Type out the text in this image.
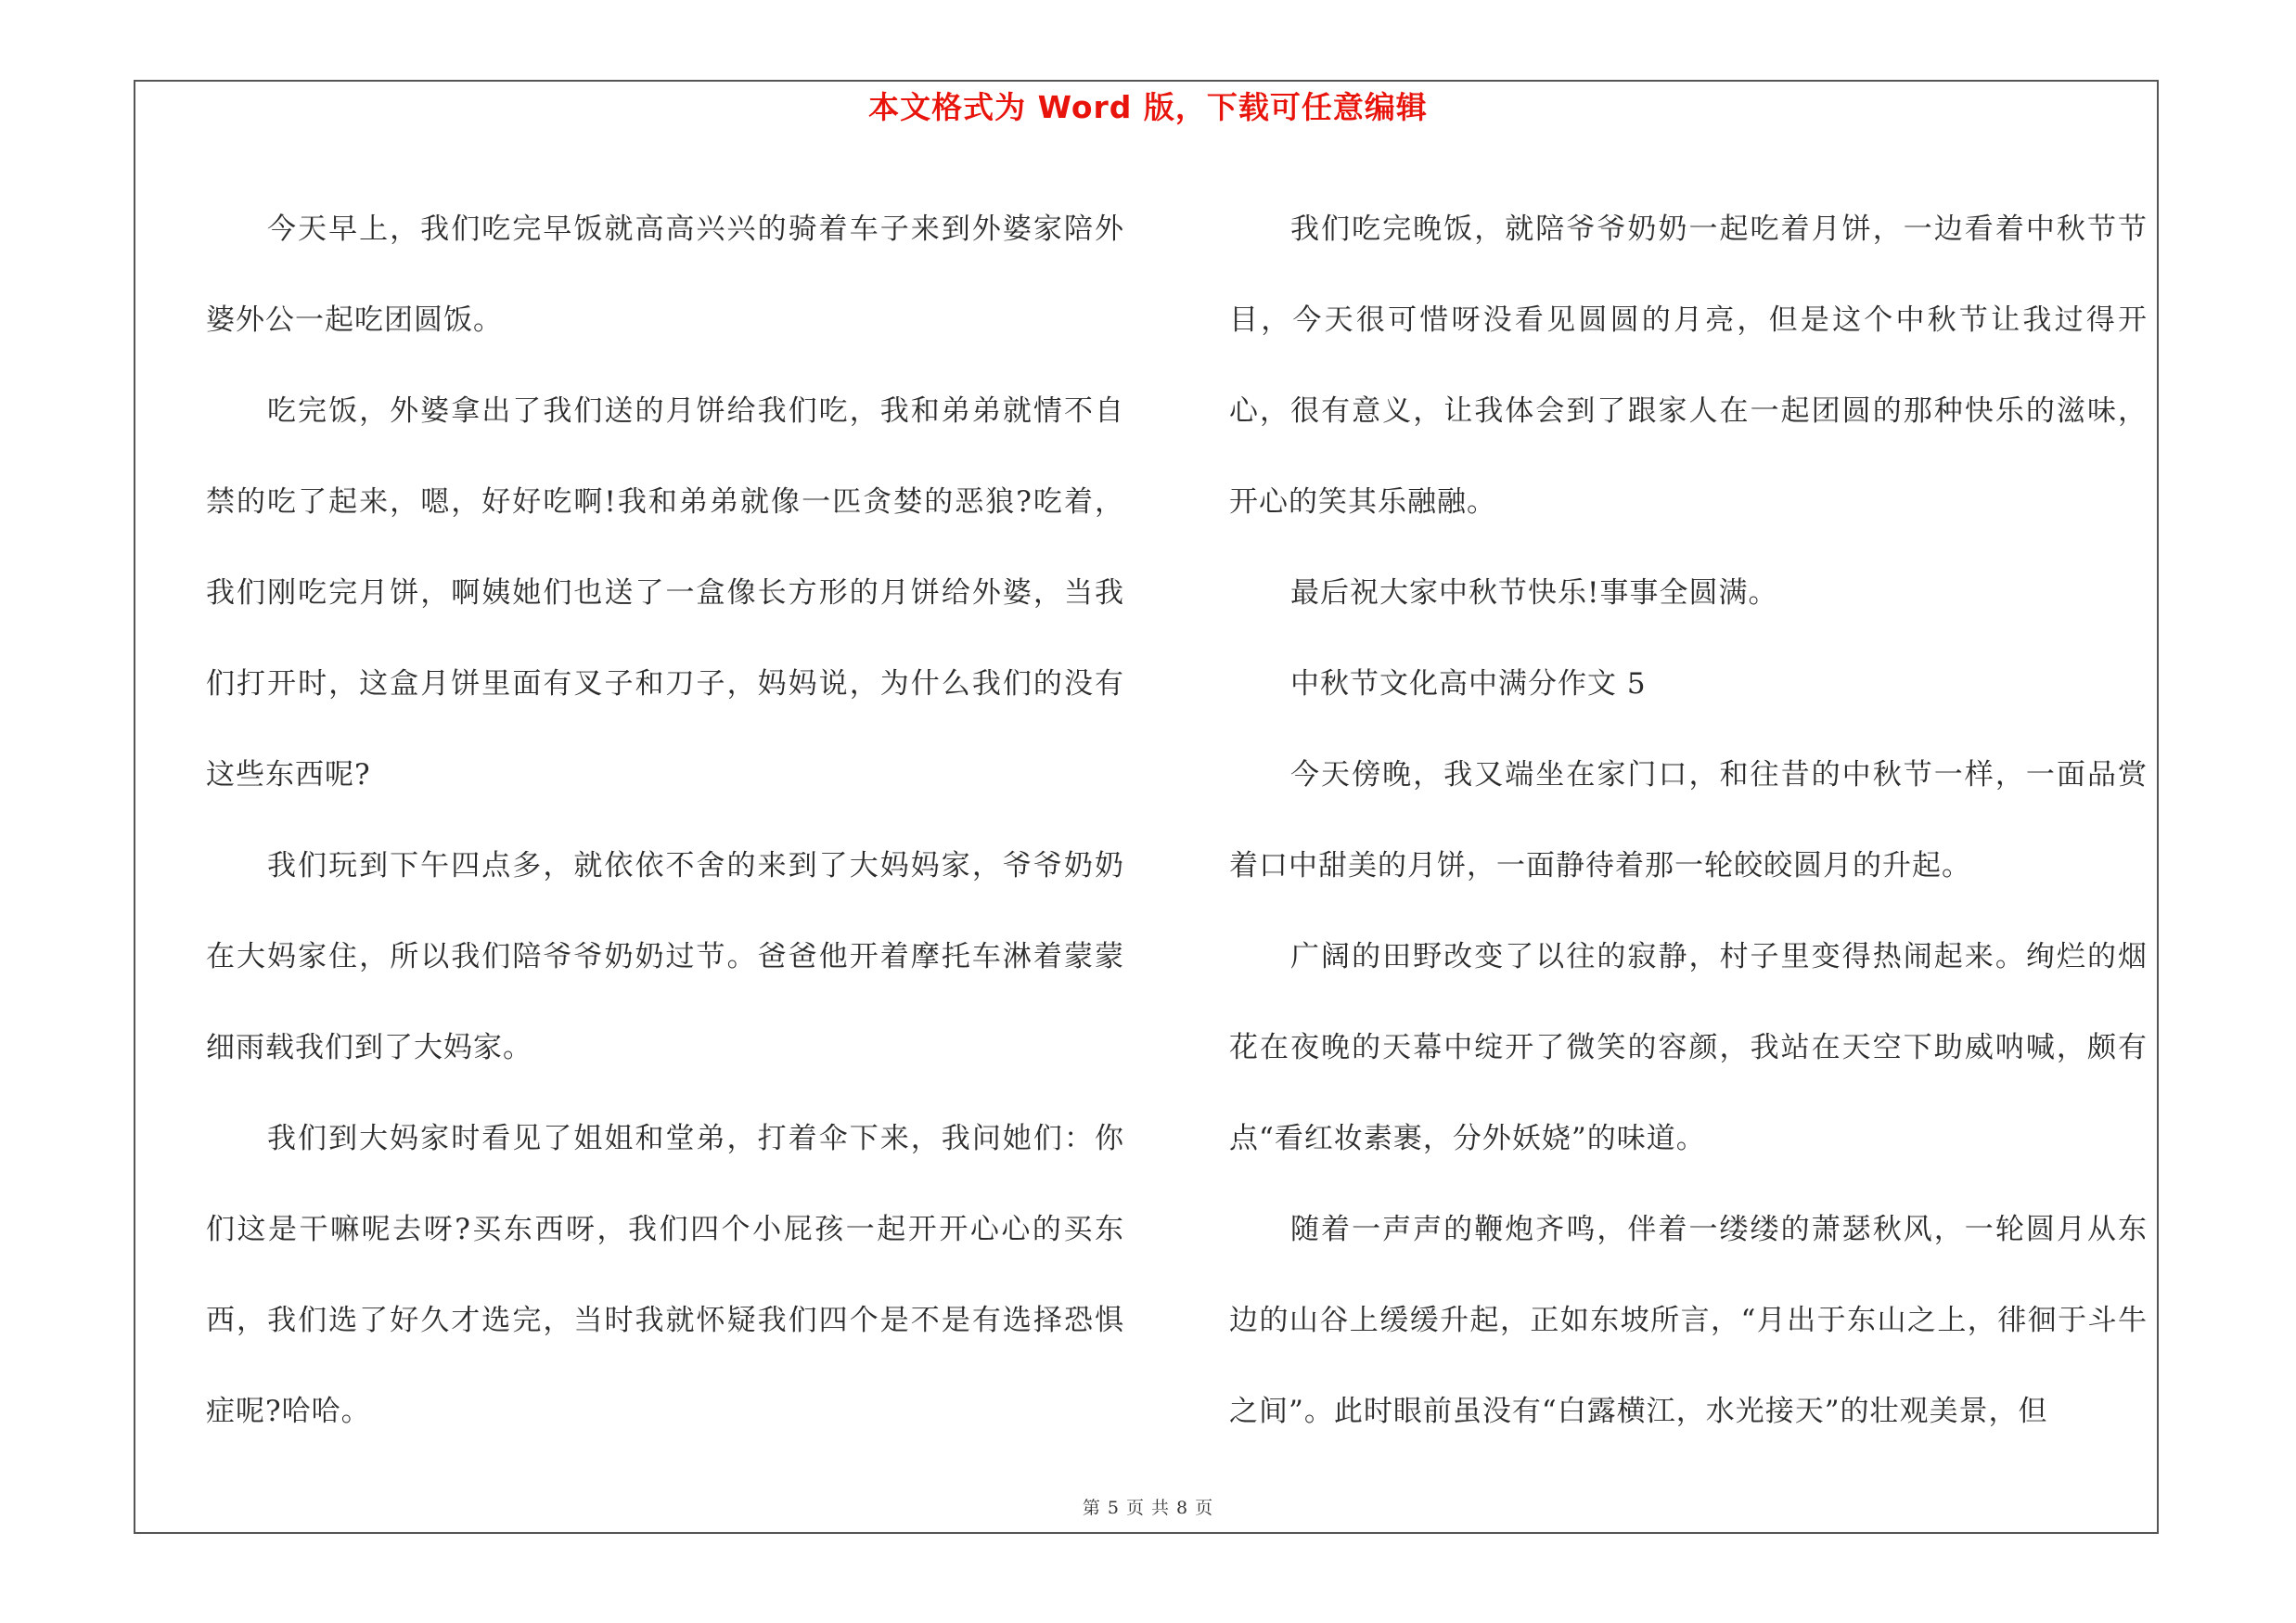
本文格式为 Word 版，下载可任意编辑

今天早上，我们吃完早饭就高高兴兴的骑着车子来到外婆家陪外婆外公一起吃团圆饭。

吃完饭，外婆拿出了我们送的月饼给我们吃，我和弟弟就情不自禁的吃了起来，嗯，好好吃啊!我和弟弟就像一匹贪婪的恶狼?吃着，我们刚吃完月饼，啊姨她们也送了一盒像长方形的月饼给外婆，当我们打开时，这盒月饼里面有叉子和刀子，妈妈说，为什么我们的没有这些东西呢?

我们玩到下午四点多，就依依不舍的来到了大妈妈家，爷爷奶奶在大妈家住，所以我们陪爷爷奶奶过节。爸爸他开着摩托车淋着蒙蒙细雨载我们到了大妈家。

我们到大妈家时看见了姐姐和堂弟，打着伞下来，我问她们：你们这是干嘛呢去呀?买东西呀，我们四个小屁孩一起开开心心的买东西，我们选了好久才选完，当时我就怀疑我们四个是不是有选择恐惧症呢?哈哈。

我们吃完晚饭，就陪爷爷奶奶一起吃着月饼，一边看着中秋节节目，今天很可惜呀没看见圆圆的月亮，但是这个中秋节让我过得开心，很有意义，让我体会到了跟家人在一起团圆的那种快乐的滋味，开心的笑其乐融融。

最后祝大家中秋节快乐!事事全圆满。

中秋节文化高中满分作文 5

今天傍晚，我又端坐在家门口，和往昔的中秋节一样，一面品赏着口中甜美的月饼，一面静待着那一轮皎皎圆月的升起。

广阔的田野改变了以往的寂静，村子里变得热闹起来。绚烂的烟花在夜晚的天幕中绽开了微笑的容颜，我站在天空下助威呐喊，颇有点“看红妆素裹，分外妖娆”的味道。

随着一声声的鞭炮齐鸣，伴着一缕缕的萧瑟秋风，一轮圆月从东边的山谷上缓缓升起，正如东坡所言，“月出于东山之上，徘徊于斗牛之间”。此时眼前虽没有“白露横江，水光接天”的壮观美景，但

第 5 页 共 8 页
